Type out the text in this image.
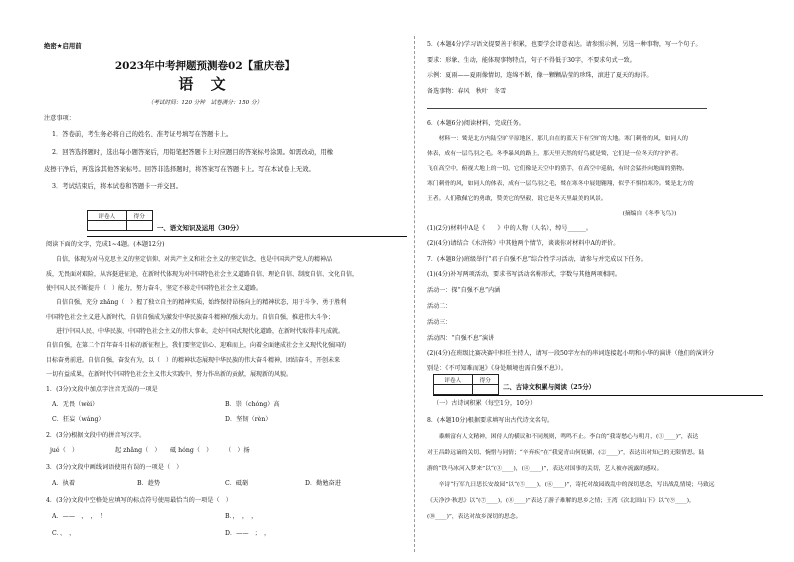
绝密★启用前
2023年中考押题预测卷02【重庆卷】
语 文
（考试时间：120 分钟　试卷满分：150 分）
注意事项：
1．答卷前，考生务必将自己的姓名、准考证号填写在答题卡上。
2．回答选择题时，选出每小题答案后，用铅笔把答题卡上对应题目的答案标号涂黑。如需改动，用橡
皮擦干净后，再选涂其他答案标号。回答非选择题时，将答案写在答题卡上。写在本试卷上无效。
3．考试结束后，将本试卷和答题卡一并交回。
评卷人	得分

一、语文知识及运用（30分）
阅读下面的文字，完成1~4题。(本题12分)
自信，体现为对马克思主义的坚定信仰、对共产主义和社会主义的坚定信念，也是中国共产党人的精神品
质，无畏面对艰险，从容挺进征途，在新时代体现为对中国特色社会主义道路自信、理论自信、制度自信、文化自信，
使中国人民不断提升（　）能力，努力奋斗，坚定不移走中国特色社会主义道路。
自信自强，充分 zhǎng（　）握了独立自主的精神实质，始终保持昂扬向上的精神状态，用于斗争、勇于胜利
中国特色社会主义进入新时代，自信自强成为激发中华民族奋斗精神的强大动力。自信自强，推进伟大斗争；
进行中国人民、中华民族、中国特色社会主义的伟大事业，走好中国式现代化道路，在新时代取得非凡成就。
自信自强，在第二个百年奋斗目标的新征程上，我们要坚定信心、迎难而上，向着全面建成社会主义现代化强国的
目标奋勇前进。自信自强，奋发有为，以（　）的精神状态展现中华民族的伟大奋斗精神，团结奋斗，开创未来
一切有益成果，在新时代中国特色社会主义伟大实践中，努力作出新的贡献，展现新的风貌。
1．(3分)文段中加点字注音无误的一项是
A．无畏（wèi）	B．崇（chóng）高
C．狂妄（wáng）	D．坚韧（rèn）
2．(3分)根据文段中的拼音写汉字。
jué（　）	起 zhǎng（　） 砥 hóng（　） （　）扬
3．(3分)文段中画线词语使用有误的一项是（　）
A．执着	B．趁势	C．砥砺	D．勤勉奋进
4．(3分)文段中空格处应填写的标点符号使用最恰当的一项是（　）
A．——　，　，　！	B．，　，　，
C．、　，	D．——　；　，
5．(本题4分)学习语文提要善于积累，也要学会诗意表达。请参照示例，另选一种事物，写一个句子。
要求：形象、生动，能体现事物特点，句子不得低于30字，不要求句式一致。
示例：夏雨——夏雨像情切，连绵不断，像一颗颗晶莹的珍珠，滚进了夏天的海洋。
备选事物：春风　秋叶　冬雪
6．(本题6分)阅读材料，完成任务。
　　材料一：鹫是北方内陆空旷平原地区，那儿自在的蓝天下有空旷的大地。寒门刺骨的风，如同人的
体表，成有一层鸟羽之毛。冬季暴风的路上，那天里天然的好鸟就是鹫，它们是一位冬天的守护者。
飞在高空中，俯视大地上的一切，它们像是天空中的猎手，在高空中巡航，有时会猛扑向地面的猎物。
寒门刺骨的风，如同人的体表，成有一层鸟羽之毛，鹫在寒冬中展翅翱翔，似乎不惧怕寒冷。鹫是北方的
王者。人们敬佩它的勇敢，赞美它的坚毅，说它是冬天里最美的风景。
　　(摘编自《冬季飞鸟》)
(1)(2分)材料中A是《　　》中的人物（人名），绰号______。
(2)(4分)请结合《水浒传》中其他两个情节，谈谈你对材料中A的评价。
7．(本题8分)班级举行“君子自强不息”综合性学习活动，请参与并完成以下任务。
(1)(4分)补写两项活动，要求书写活动名称形式，字数与其他两项相同。
活动一：探“自强不息”内涵
活动二：
活动三：
活动四：“自强不息”演讲
(2)(4分)在班级比赛决赛中担任主持人，请写一段50字左右的串词连接起小明和小华的演讲（他们的演讲分
别是：《不可知难而退》《身处顺境也需自强不息》）。
评卷人	得分

二、古诗文积累与阅读（25分）
（一）古诗词积累（每空1分，10分）
8．(本题10分)根据要求填写出古代诗文名句。
　　黍颇富有人文精神，困侍人的横议和不同规则，鸣鸣不止。李白的“我寄愁心与明月，(①____)”，表达
对王昌龄远谪的关切、惋惜与同情；“辛弃疾”在“我觉青山何妩媚，(②____)”，表达出对知己的无限情思。陆
游的“铁马冰河入梦来”以“(③____)，(④____)”，表达对国事的关切，艺人被亦流露的感叹。
　　辛诗“行军九日思长安故园”以“(⑤____)，(⑥____)”，寄托对故园战乱中的深切思念，写出战乱情境；马致远
《天净沙·秋思》以“(⑦____)，(⑧____)”表达了游子难解的思乡之情；王湾《次北固山下》以“(⑨____)，
(⑩____)”，表达对故乡深切的思念。
